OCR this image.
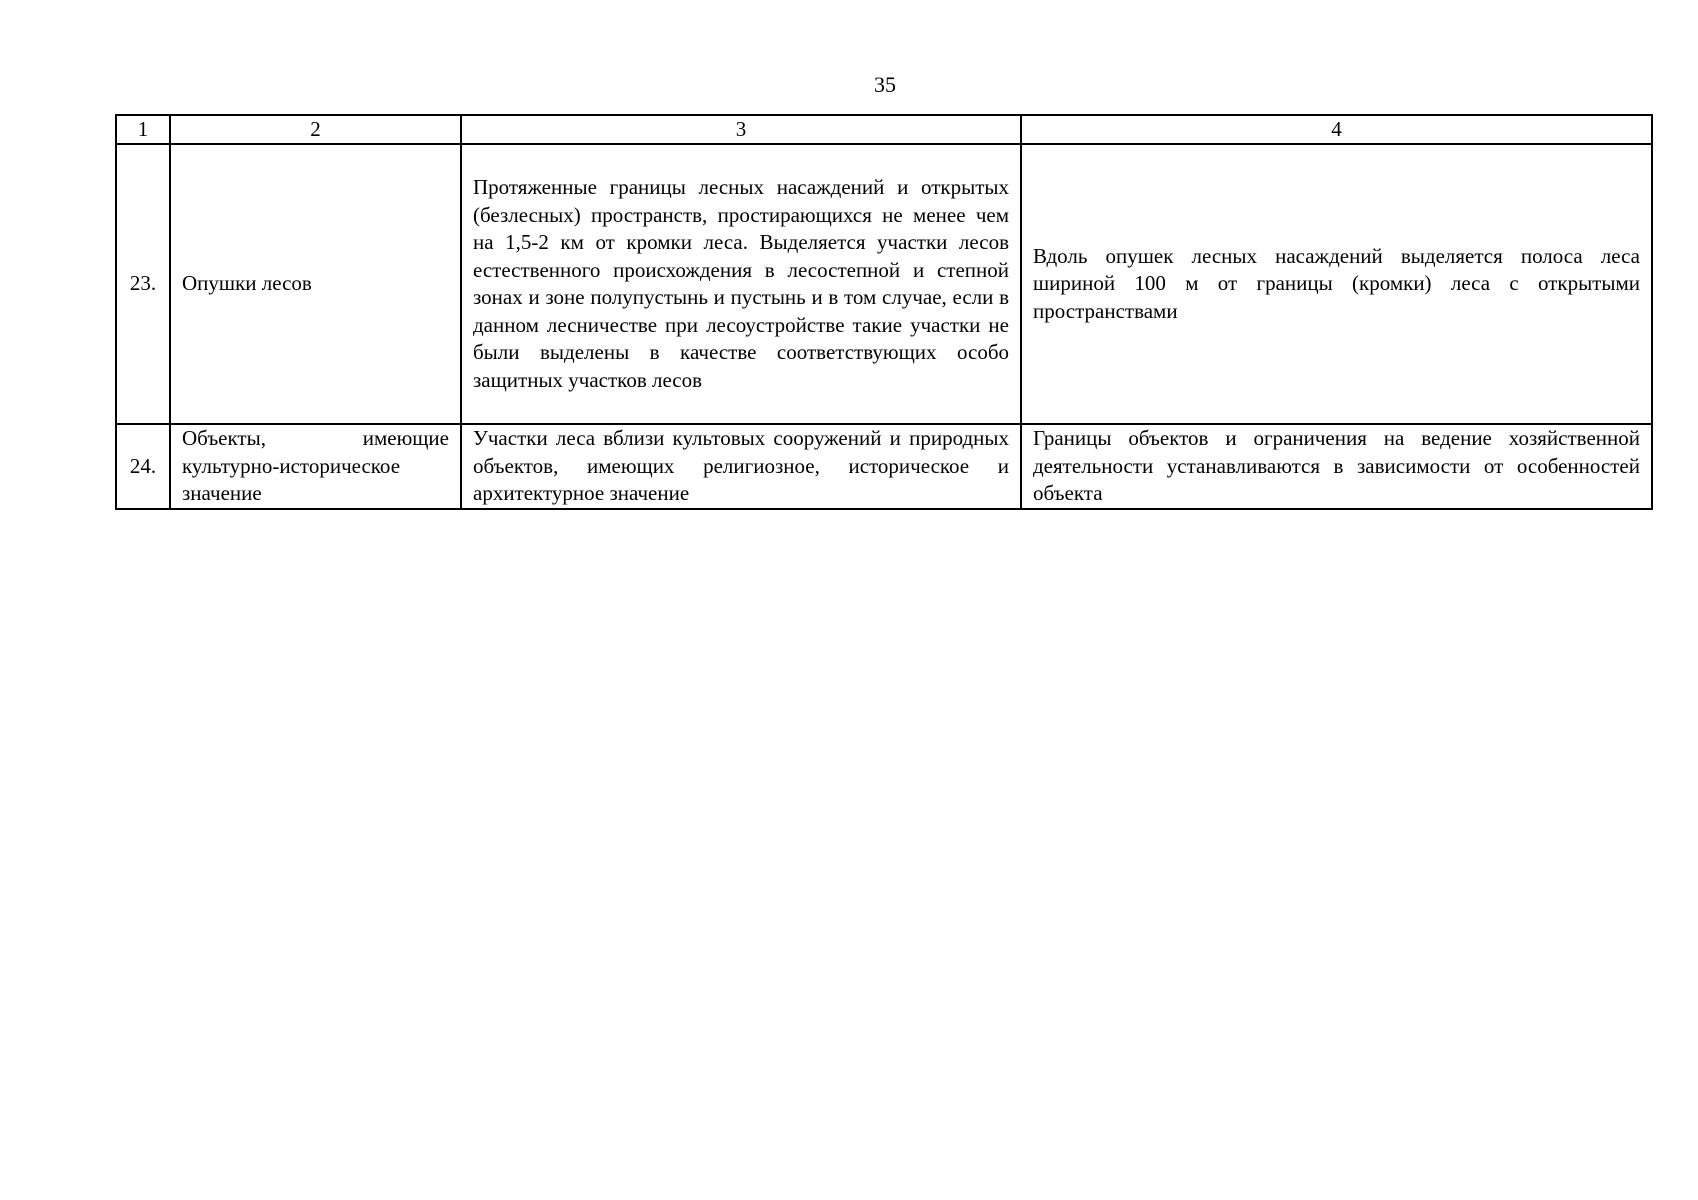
35
1	2	3	4
23.	Опушки лесов	Протяженные границы лесных насаждений и открытых (безлесных) пространств, простирающихся не менее чем на 1,5-2 км от кромки леса. Выделяется участки лесов естественного происхождения в лесостепной и степной зонах и зоне полупустынь и пустынь и в том случае, если в данном лесничестве при лесоустройстве такие участки не были выделены в качестве соответствующих особо защитных участков лесов	Вдоль опушек лесных насаждений выделяется полоса леса шириной 100 м от границы (кромки) леса с открытыми пространствами
24.	Объекты, имеющие культурно-историческое значение	Участки леса вблизи культовых сооружений и природных объектов, имеющих религиозное, историческое и архитектурное значение	Границы объектов и ограничения на ведение хозяйственной деятельности устанавливаются в зависимости от особенностей объекта
